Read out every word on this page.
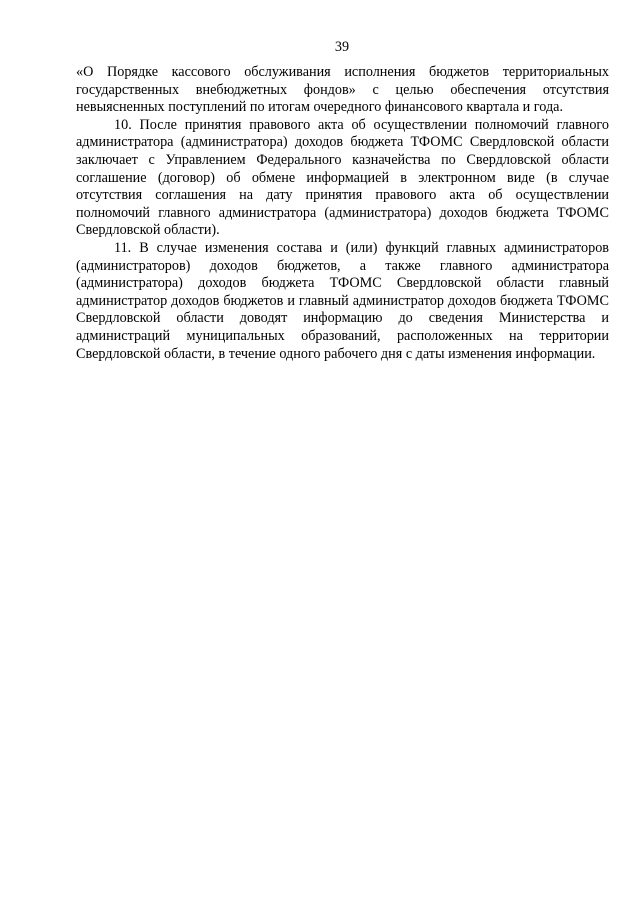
39

«О Порядке кассового обслуживания исполнения бюджетов территориальных государственных внебюджетных фондов» с целью обеспечения отсутствия невыясненных поступлений по итогам очередного финансового квартала и года.

10. После принятия правового акта об осуществлении полномочий главного администратора (администратора) доходов бюджета ТФОМС Свердловской области заключает с Управлением Федерального казначейства по Свердловской области соглашение (договор) об обмене информацией в электронном виде (в случае отсутствия соглашения на дату принятия правового акта об осуществлении полномочий главного администратора (администратора) доходов бюджета ТФОМС Свердловской области).

11. В случае изменения состава и (или) функций главных администраторов (администраторов) доходов бюджетов, а также главного администратора (администратора) доходов бюджета ТФОМС Свердловской области главный администратор доходов бюджетов и главный администратор доходов бюджета ТФОМС Свердловской области доводят информацию до сведения Министерства и администраций муниципальных образований, расположенных на территории Свердловской области, в течение одного рабочего дня с даты изменения информации.
